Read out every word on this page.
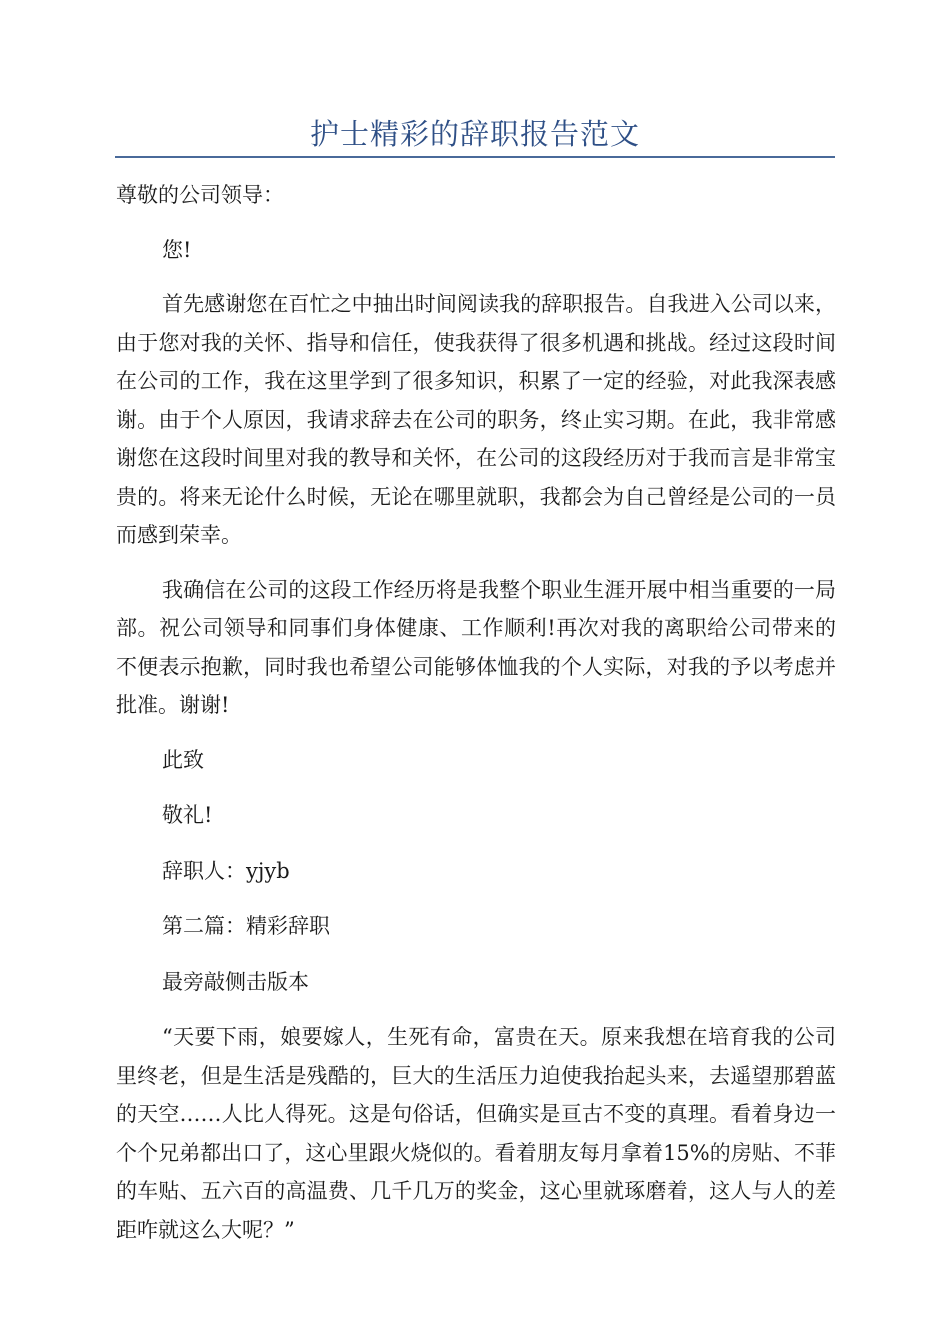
护士精彩的辞职报告范文

尊敬的公司领导：

您!

首先感谢您在百忙之中抽出时间阅读我的辞职报告。自我进入公司以来，由于您对我的关怀、指导和信任，使我获得了很多机遇和挑战。经过这段时间在公司的工作，我在这里学到了很多知识，积累了一定的经验，对此我深表感谢。由于个人原因，我请求辞去在公司的职务，终止实习期。在此，我非常感谢您在这段时间里对我的教导和关怀，在公司的这段经历对于我而言是非常宝贵的。将来无论什么时候，无论在哪里就职，我都会为自己曾经是公司的一员而感到荣幸。

我确信在公司的这段工作经历将是我整个职业生涯开展中相当重要的一局部。祝公司领导和同事们身体健康、工作顺利!再次对我的离职给公司带来的不便表示抱歉，同时我也希望公司能够体恤我的个人实际，对我的予以考虑并批准。谢谢!

此致

敬礼!

辞职人：yjyb

第二篇：精彩辞职

最旁敲侧击版本

“天要下雨，娘要嫁人，生死有命，富贵在天。原来我想在培育我的公司里终老，但是生活是残酷的，巨大的生活压力迫使我抬起头来，去遥望那碧蓝的天空……人比人得死。这是句俗话，但确实是亘古不变的真理。看着身边一个个兄弟都出口了，这心里跟火烧似的。看着朋友每月拿着15%的房贴、不菲的车贴、五六百的高温费、几千几万的奖金，这心里就琢磨着，这人与人的差距咋就这么大呢？”
